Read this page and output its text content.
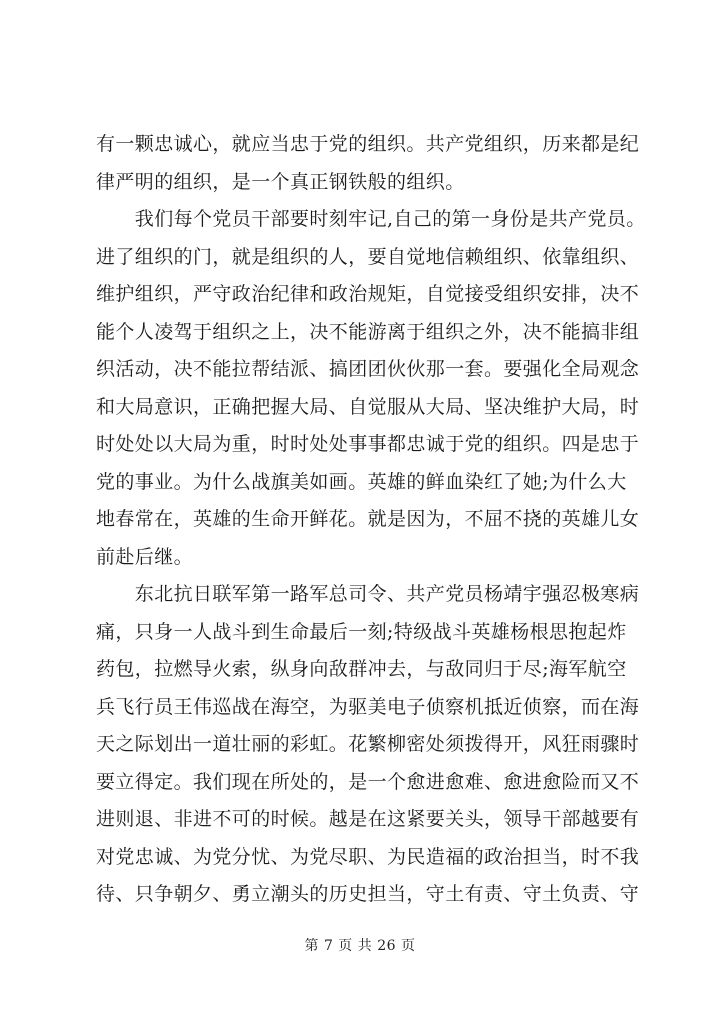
有一颗忠诚心，就应当忠于党的组织。共产党组织，历来都是纪
律严明的组织，是一个真正钢铁般的组织。
　　我们每个党员干部要时刻牢记,自己的第一身份是共产党员。
进了组织的门，就是组织的人，要自觉地信赖组织、依靠组织、
维护组织，严守政治纪律和政治规矩，自觉接受组织安排，决不
能个人凌驾于组织之上，决不能游离于组织之外，决不能搞非组
织活动，决不能拉帮结派、搞团团伙伙那一套。要强化全局观念
和大局意识，正确把握大局、自觉服从大局、坚决维护大局，时
时处处以大局为重，时时处处事事都忠诚于党的组织。四是忠于
党的事业。为什么战旗美如画。英雄的鲜血染红了她;为什么大
地春常在，英雄的生命开鲜花。就是因为，不屈不挠的英雄儿女
前赴后继。
　　东北抗日联军第一路军总司令、共产党员杨靖宇强忍极寒病
痛，只身一人战斗到生命最后一刻;特级战斗英雄杨根思抱起炸
药包，拉燃导火索，纵身向敌群冲去，与敌同归于尽;海军航空
兵飞行员王伟巡战在海空，为驱美电子侦察机抵近侦察，而在海
天之际划出一道壮丽的彩虹。花繁柳密处须拨得开，风狂雨骤时
要立得定。我们现在所处的，是一个愈进愈难、愈进愈险而又不
进则退、非进不可的时候。越是在这紧要关头，领导干部越要有
对党忠诚、为党分忧、为党尽职、为民造福的政治担当，时不我
待、只争朝夕、勇立潮头的历史担当，守土有责、守土负责、守
第 7 页 共 26 页
